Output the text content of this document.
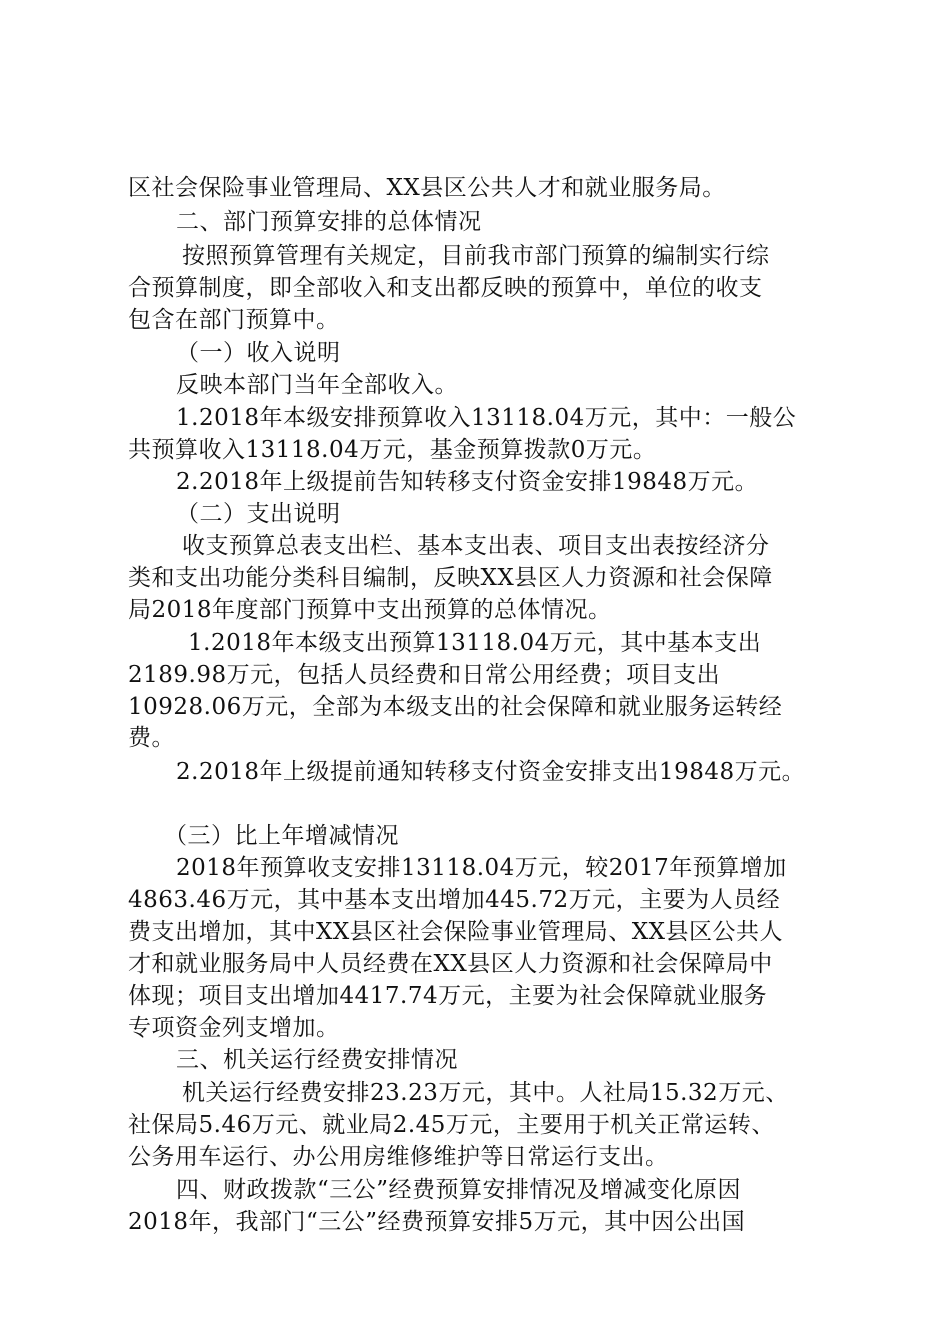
区社会保险事业管理局、XX县区公共人才和就业服务局。
二、部门预算安排的总体情况
按照预算管理有关规定，目前我市部门预算的编制实行综
合预算制度，即全部收入和支出都反映的预算中，单位的收支
包含在部门预算中。
（一）收入说明
反映本部门当年全部收入。
1.2018年本级安排预算收入13118.04万元，其中：一般公
共预算收入13118.04万元，基金预算拨款0万元。
2.2018年上级提前告知转移支付资金安排19848万元。
（二）支出说明
收支预算总表支出栏、基本支出表、项目支出表按经济分
类和支出功能分类科目编制，反映XX县区人力资源和社会保障
局2018年度部门预算中支出预算的总体情况。
1.2018年本级支出预算13118.04万元，其中基本支出
2189.98万元，包括人员经费和日常公用经费；项目支出
10928.06万元，全部为本级支出的社会保障和就业服务运转经
费。
2.2018年上级提前通知转移支付资金安排支出19848万元。
（三）比上年增减情况
2018年预算收支安排13118.04万元，较2017年预算增加
4863.46万元，其中基本支出增加445.72万元，主要为人员经
费支出增加，其中XX县区社会保险事业管理局、XX县区公共人
才和就业服务局中人员经费在XX县区人力资源和社会保障局中
体现；项目支出增加4417.74万元，主要为社会保障就业服务
专项资金列支增加。
三、机关运行经费安排情况
机关运行经费安排23.23万元，其中。人社局15.32万元、
社保局5.46万元、就业局2.45万元，主要用于机关正常运转、
公务用车运行、办公用房维修维护等日常运行支出。
四、财政拨款“三公”经费预算安排情况及增减变化原因
2018年，我部门“三公”经费预算安排5万元，其中因公出国
